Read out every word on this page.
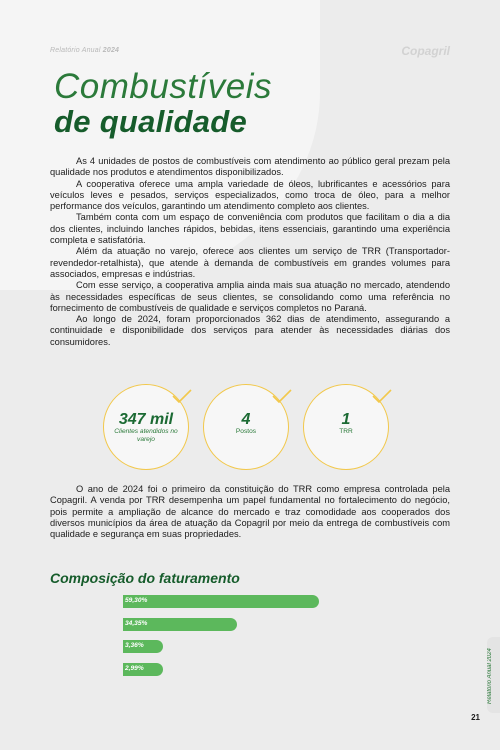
Relatório Anual 2024	Copagril
Combustíveis
de qualidade

As 4 unidades de postos de combustíveis com atendimento ao público geral prezam pela qualidade nos produtos e atendimentos disponibilizados.

A cooperativa oferece uma ampla variedade de óleos, lubrificantes e acessórios para veículos leves e pesados, serviços especializados, como troca de óleo, para a melhor performance dos veículos, garantindo um atendimento completo aos clientes.

Também conta com um espaço de conveniência com produtos que facilitam o dia a dia dos clientes, incluindo lanches rápidos, bebidas, itens essenciais, garantindo uma experiência completa e satisfatória.

Além da atuação no varejo, oferece aos clientes um serviço de TRR (Transportador-revendedor-retalhista), que atende à demanda de combustíveis em grandes volumes para associados, empresas e indústrias.

Com esse serviço, a cooperativa amplia ainda mais sua atuação no mercado, atendendo às necessidades específicas de seus clientes, se consolidando como uma referência no fornecimento de combustíveis de qualidade e serviços completos no Paraná.

Ao longo de 2024, foram proporcionados 362 dias de atendimento, assegurando a continuidade e disponibilidade dos serviços para atender às necessidades diárias dos consumidores.

347 mil
Clientes atendidos no varejo
4
Postos
1
TRR

O ano de 2024 foi o primeiro da constituição do TRR como empresa controlada pela Copagril. A venda por TRR desempenha um papel fundamental no fortalecimento do negócio, pois permite a ampliação de alcance do mercado e traz comodidade aos cooperados dos diversos municípios da área de atuação da Copagril por meio da entrega de combustíveis com qualidade e segurança em suas propriedades.

Composição do faturamento
59,30%
34,35%
3,36%
2,99%	Relatório Anual 2024
21
